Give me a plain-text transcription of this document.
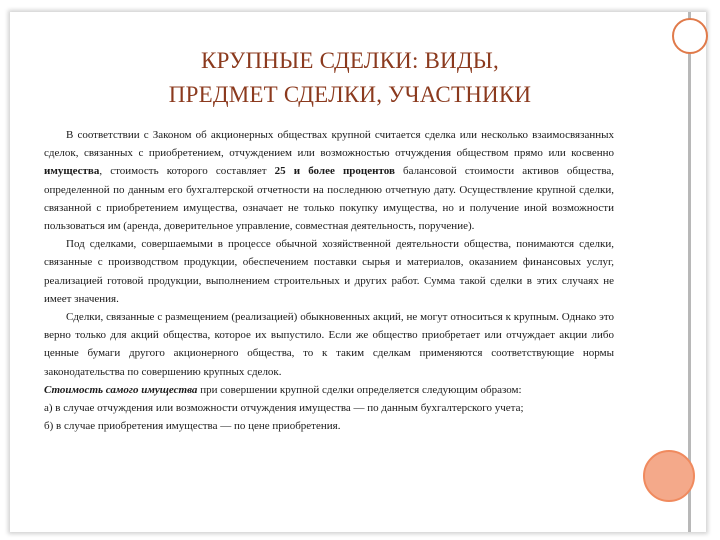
КРУПНЫЕ СДЕЛКИ: ВИДЫ,
ПРЕДМЕТ СДЕЛКИ, УЧАСТНИКИ

В соответствии с Законом об акционерных обществах крупной считается сделка или несколько взаимосвязанных сделок, связанных с приобретением, отчуждением или возможностью отчуждения обществом прямо или косвенно имущества, стоимость которого составляет 25 и более процентов балансовой стоимости активов общества, определенной по данным его бухгалтерской отчетности на последнюю отчетную дату. Осуществление крупной сделки, связанной с приобретением имущества, означает не только покупку имущества, но и получение иной возможности пользоваться им (аренда, доверительное управление, совместная деятельность, поручение).

Под сделками, совершаемыми в процессе обычной хозяйственной деятельности общества, понимаются сделки, связанные с производством продукции, обеспечением поставки сырья и материалов, оказанием финансовых услуг, реализацией готовой продукции, выполнением строительных и других работ. Сумма такой сделки в этих случаях не имеет значения.

Сделки, связанные с размещением (реализацией) обыкновенных акций, не могут относиться к крупным. Однако это верно только для акций общества, которое их выпустило. Если же общество приобретает или отчуждает акции либо ценные бумаги другого акционерного общества, то к таким сделкам применяются соответствующие нормы законодательства по совершению крупных сделок.

Стоимость самого имущества при совершении крупной сделки определяется следующим образом:

а) в случае отчуждения или возможности отчуждения имущества — по данным бухгалтерского учета;

б) в случае приобретения имущества — по цене приобретения.
